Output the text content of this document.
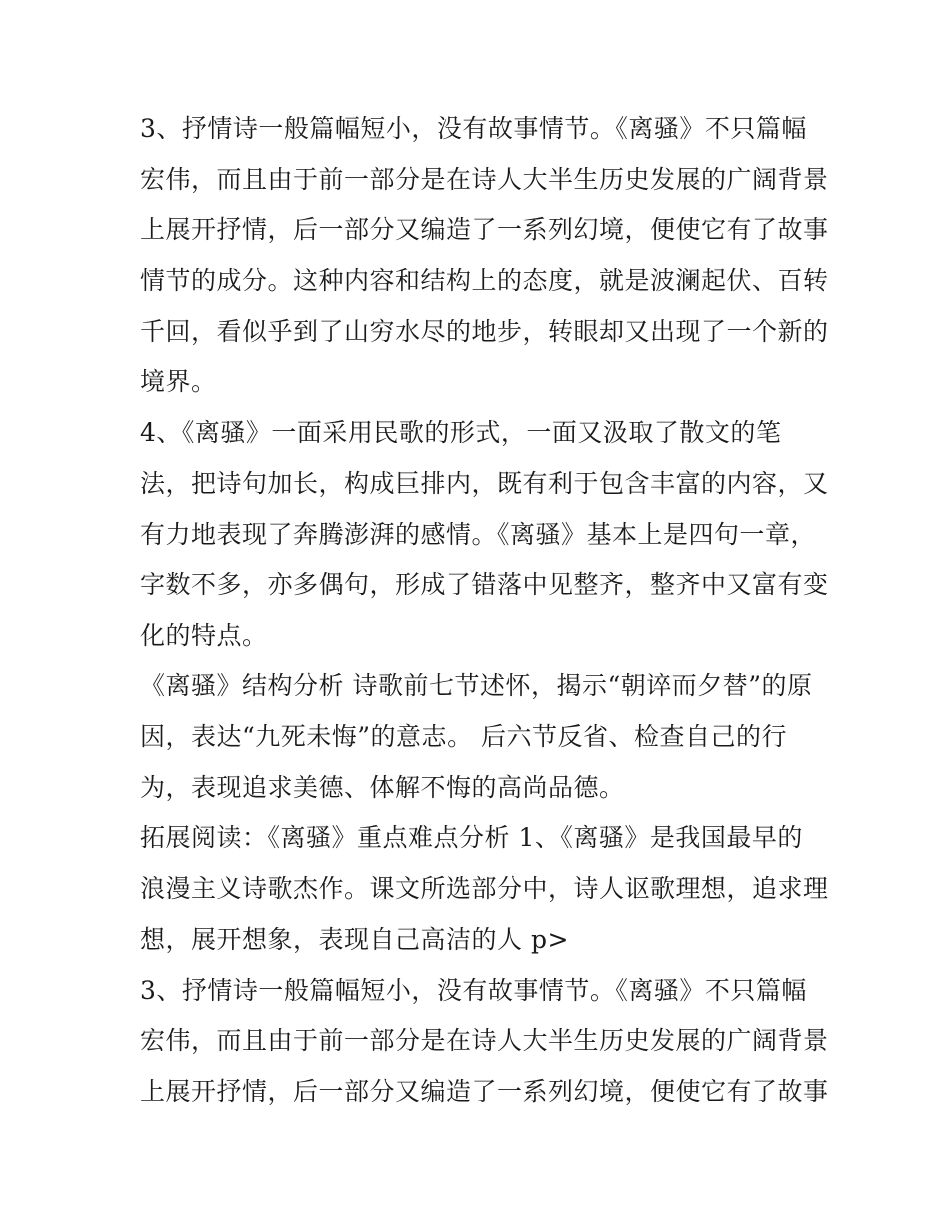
3、抒情诗一般篇幅短小，没有故事情节。《离骚》不只篇幅
宏伟，而且由于前一部分是在诗人大半生历史发展的广阔背景
上展开抒情，后一部分又编造了一系列幻境，便使它有了故事
情节的成分。这种内容和结构上的态度，就是波澜起伏、百转
千回，看似乎到了山穷水尽的地步，转眼却又出现了一个新的
境界。
4、《离骚》一面采用民歌的形式，一面又汲取了散文的笔
法，把诗句加长，构成巨排内，既有利于包含丰富的内容，又
有力地表现了奔腾澎湃的感情。《离骚》基本上是四句一章，
字数不多，亦多偶句，形成了错落中见整齐，整齐中又富有变
化的特点。
《离骚》结构分析 诗歌前七节述怀，揭示“朝谇而夕替”的原
因，表达“九死未悔”的意志。 后六节反省、检查自己的行
为，表现追求美德、体解不悔的高尚品德。
拓展阅读：《离骚》重点难点分析 1、《离骚》是我国最早的
浪漫主义诗歌杰作。课文所选部分中，诗人讴歌理想，追求理
想，展开想象，表现自己高洁的人 p>
3、抒情诗一般篇幅短小，没有故事情节。《离骚》不只篇幅
宏伟，而且由于前一部分是在诗人大半生历史发展的广阔背景
上展开抒情，后一部分又编造了一系列幻境，便使它有了故事
